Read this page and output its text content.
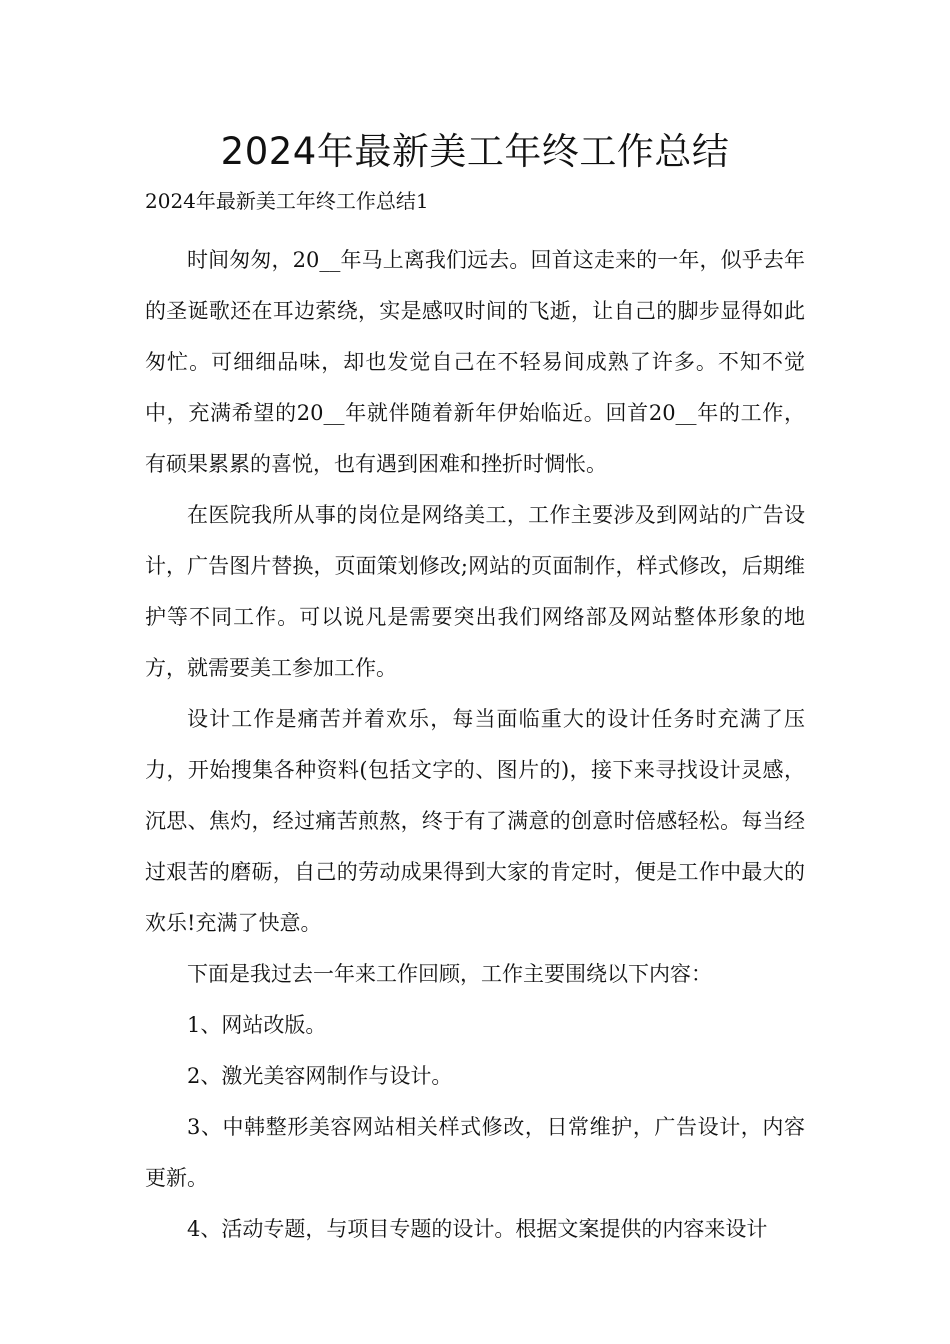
2024年最新美工年终工作总结

2024年最新美工年终工作总结1

时间匆匆，20__年马上离我们远去。回首这走来的一年，似乎去年的圣诞歌还在耳边萦绕，实是感叹时间的飞逝，让自己的脚步显得如此匆忙。可细细品味，却也发觉自己在不轻易间成熟了许多。不知不觉中，充满希望的20__年就伴随着新年伊始临近。回首20__年的工作，有硕果累累的喜悦，也有遇到困难和挫折时惆怅。

在医院我所从事的岗位是网络美工，工作主要涉及到网站的广告设计，广告图片替换，页面策划修改;网站的页面制作，样式修改，后期维护等不同工作。可以说凡是需要突出我们网络部及网站整体形象的地方，就需要美工参加工作。

设计工作是痛苦并着欢乐，每当面临重大的设计任务时充满了压力，开始搜集各种资料(包括文字的、图片的)，接下来寻找设计灵感，沉思、焦灼，经过痛苦煎熬，终于有了满意的创意时倍感轻松。每当经过艰苦的磨砺，自己的劳动成果得到大家的肯定时，便是工作中最大的欢乐!充满了快意。

下面是我过去一年来工作回顾，工作主要围绕以下内容：

1、网站改版。

2、激光美容网制作与设计。

3、中韩整形美容网站相关样式修改，日常维护，广告设计，内容更新。

4、活动专题，与项目专题的设计。根据文案提供的内容来设计
